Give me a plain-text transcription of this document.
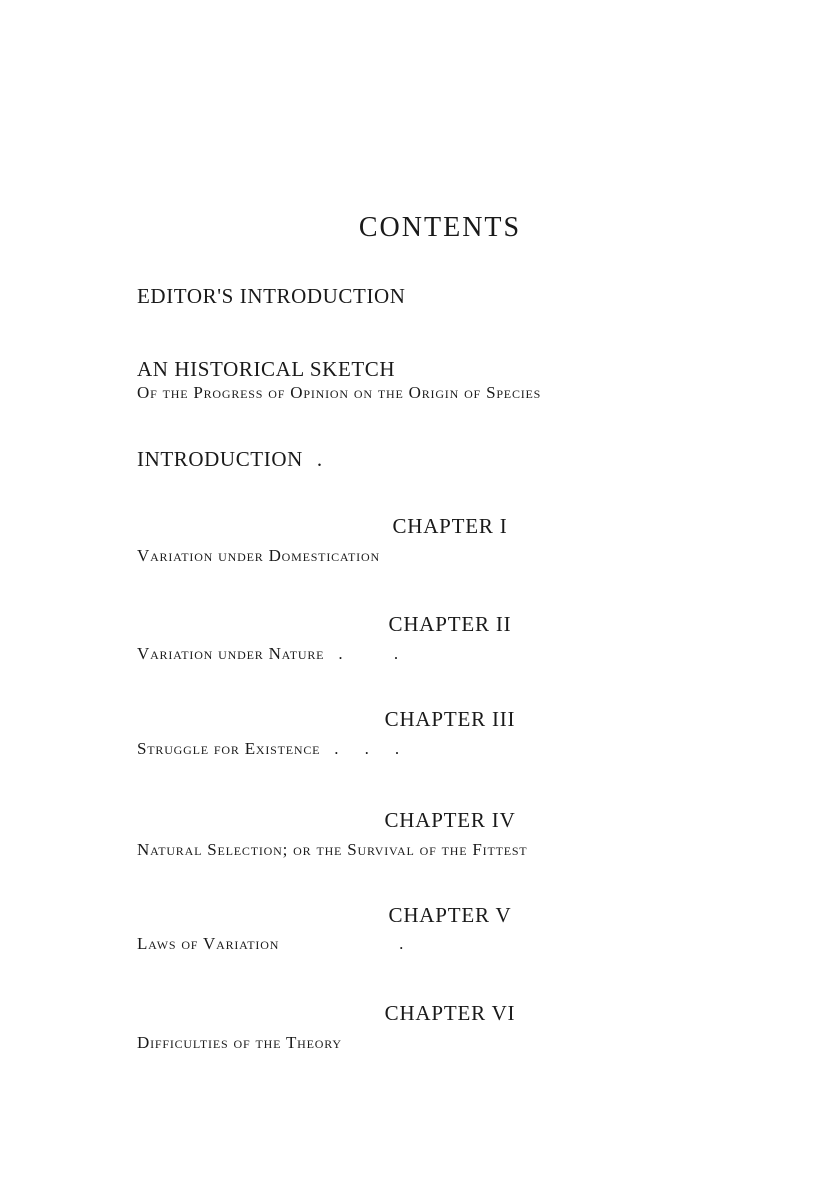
CONTENTS
EDITOR'S INTRODUCTION
AN HISTORICAL SKETCH
Of the Progress of Opinion on the Origin of Species
INTRODUCTION .
CHAPTER I
Variation under Domestication
CHAPTER II
Variation under Nature .          .
CHAPTER III
Struggle for Existence .     .     .
CHAPTER IV
Natural Selection; or the Survival of the Fittest
CHAPTER V
Laws of Variation	.
CHAPTER VI
Difficulties of the Theory
